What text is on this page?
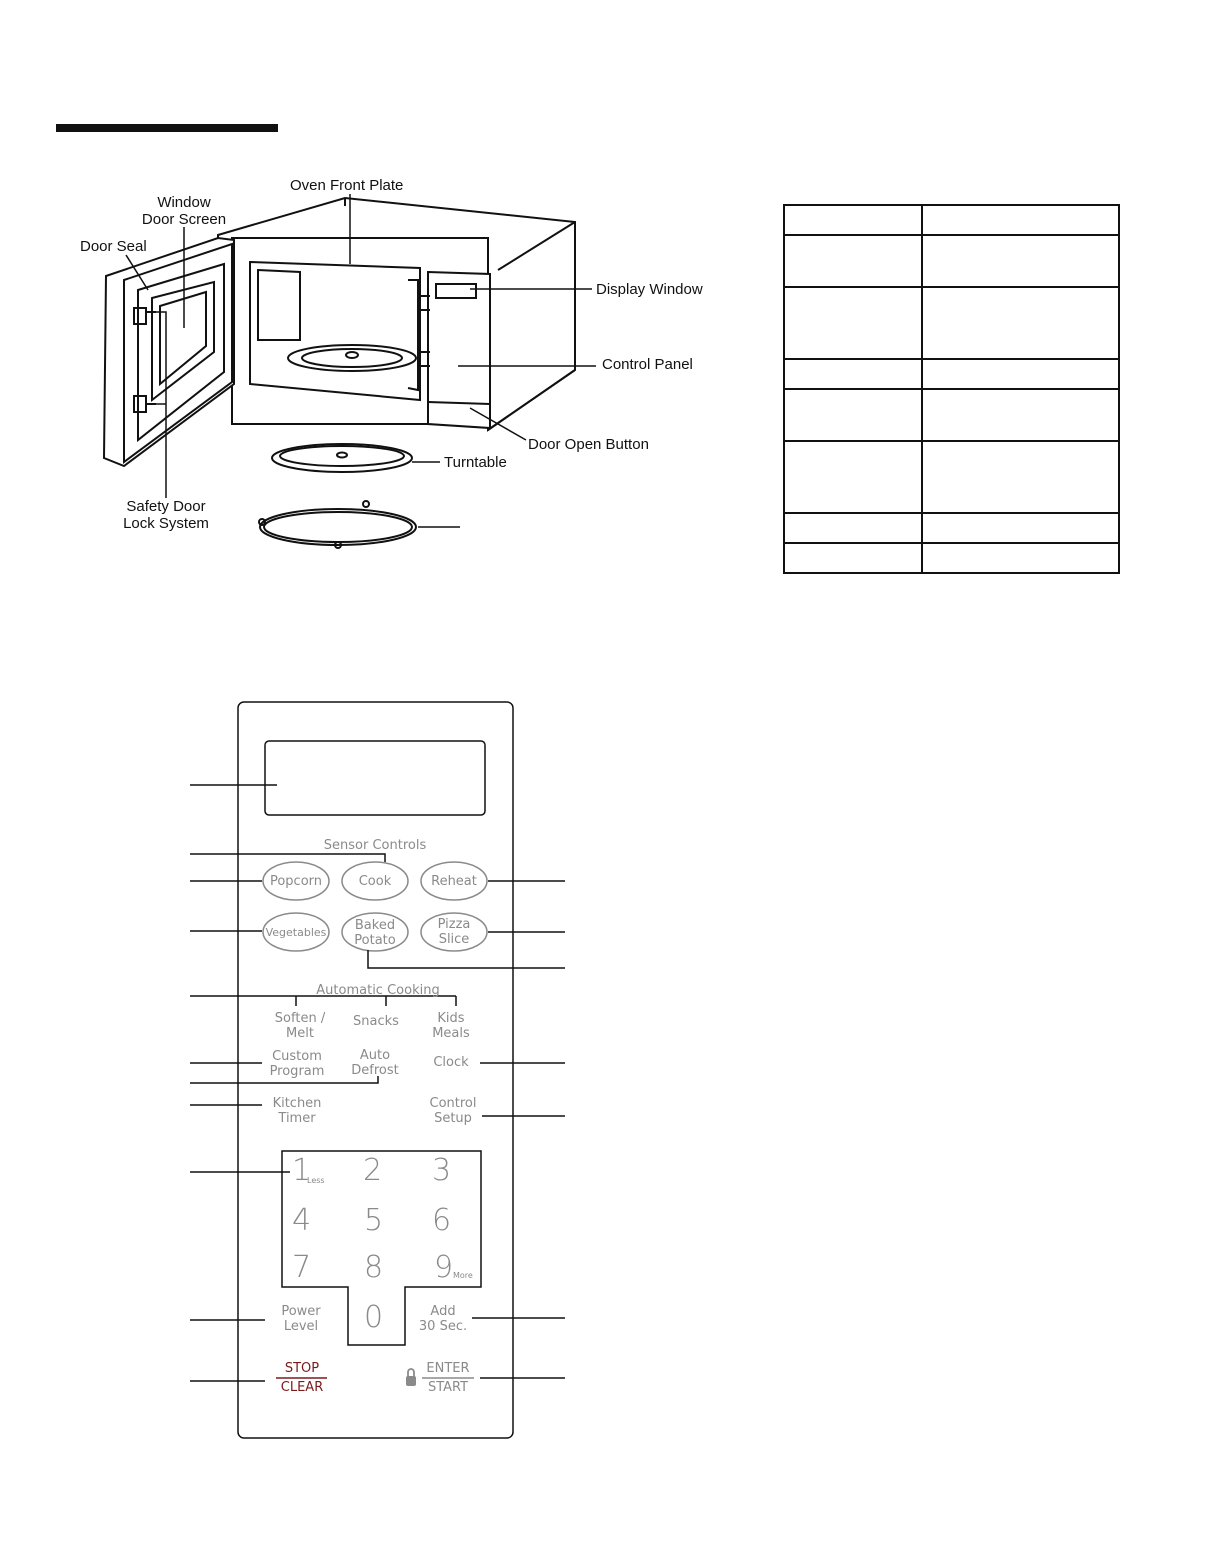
Window
Door Screen
Oven Front Plate
Door Seal
Display Window
Control Panel
Door Open Button
Turntable
Safety Door
Lock System

Sensor Controls
Popcorn	Cook	Reheat
Vegetables	Baked
Potato
Pizza
Slice
Automatic Cooking
Soften /
Melt
Snacks	Kids
Meals
Custom
Program
Auto
Defrost
Clock
Kitchen
Timer
Control
Setup
1
Less 2 3
4 5 6
7 8 9 More
0
Power
Level
Add
30 Sec.
STOP
CLEAR
ENTER
START
